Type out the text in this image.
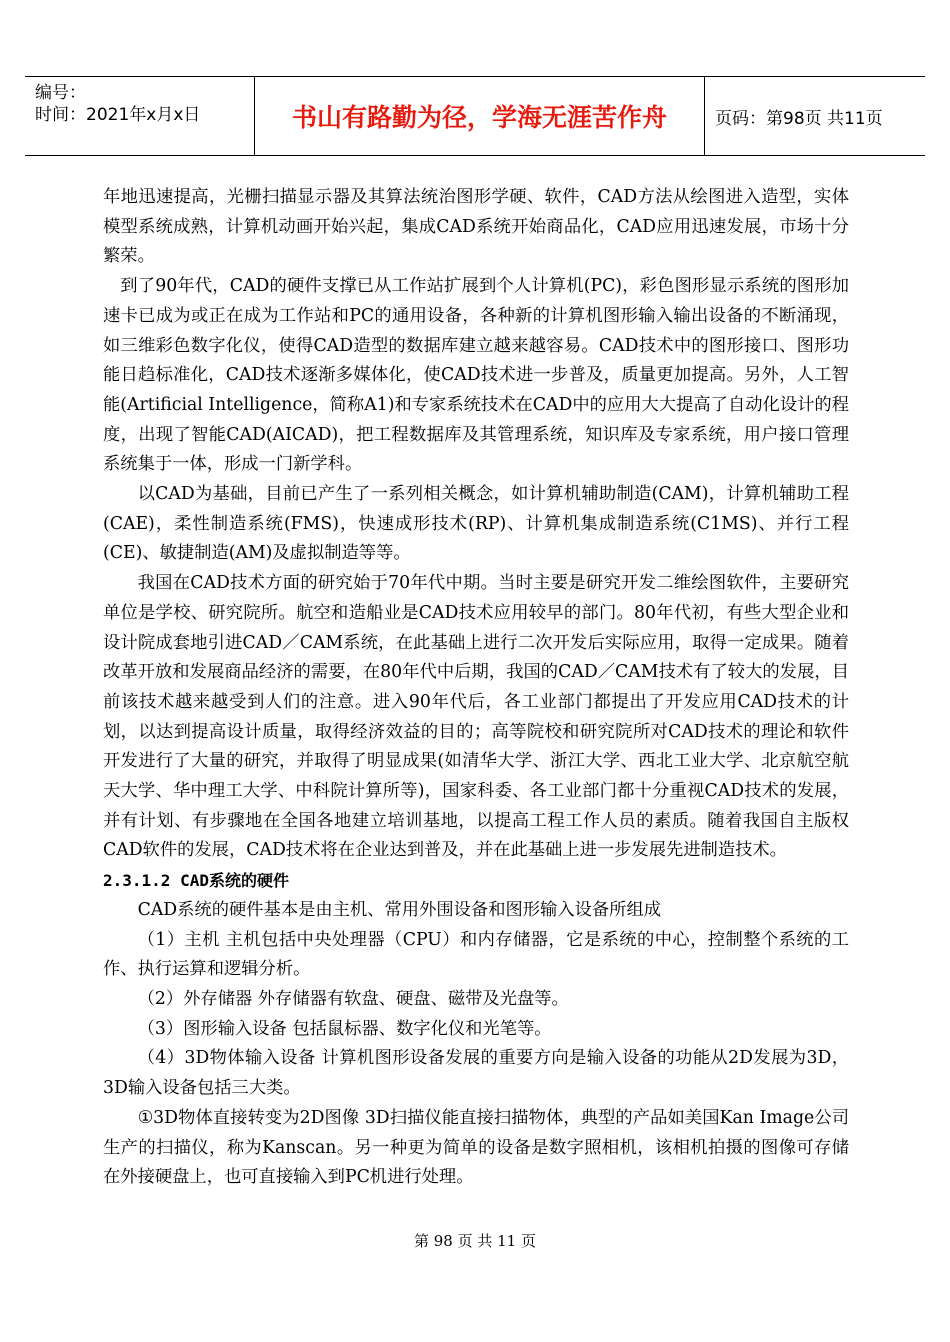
编号：
时间：2021年x月x日	书山有路勤为径，学海无涯苦作舟	页码：第98页 共11页

年地迅速提高，光栅扫描显示器及其算法统治图形学硬、软件，CAD方法从绘图进入造型，实体模型系统成熟，计算机动画开始兴起，集成CAD系统开始商品化，CAD应用迅速发展，市场十分繁荣。

到了90年代，CAD的硬件支撑已从工作站扩展到个人计算机(PC)，彩色图形显示系统的图形加速卡已成为或正在成为工作站和PC的通用设备，各种新的计算机图形输入输出设备的不断涌现，如三维彩色数字化仪，使得CAD造型的数据库建立越来越容易。CAD技术中的图形接口、图形功能日趋标准化，CAD技术逐渐多媒体化，使CAD技术进一步普及，质量更加提高。另外，人工智能(Artificial Intelligence，简称A1)和专家系统技术在CAD中的应用大大提高了自动化设计的程度，出现了智能CAD(AICAD)，把工程数据库及其管理系统，知识库及专家系统，用户接口管理系统集于一体，形成一门新学科。

以CAD为基础，目前已产生了一系列相关概念，如计算机辅助制造(CAM)，计算机辅助工程(CAE)，柔性制造系统(FMS)，快速成形技术(RP)、计算机集成制造系统(C1MS)、并行工程(CE)、敏捷制造(AM)及虚拟制造等等。

我国在CAD技术方面的研究始于70年代中期。当时主要是研究开发二维绘图软件，主要研究单位是学校、研究院所。航空和造船业是CAD技术应用较早的部门。80年代初，有些大型企业和设计院成套地引进CAD／CAM系统，在此基础上进行二次开发后实际应用，取得一定成果。随着改革开放和发展商品经济的需要，在80年代中后期，我国的CAD／CAM技术有了较大的发展，目前该技术越来越受到人们的注意。进入90年代后，各工业部门都提出了开发应用CAD技术的计划，以达到提高设计质量，取得经济效益的目的；高等院校和研究院所对CAD技术的理论和软件开发进行了大量的研究，并取得了明显成果(如清华大学、浙江大学、西北工业大学、北京航空航天大学、华中理工大学、中科院计算所等)，国家科委、各工业部门都十分重视CAD技术的发展，并有计划、有步骤地在全国各地建立培训基地，以提高工程工作人员的素质。随着我国自主版权CAD软件的发展，CAD技术将在企业达到普及，并在此基础上进一步发展先进制造技术。

2.3.1.2 CAD系统的硬件

CAD系统的硬件基本是由主机、常用外围设备和图形输入设备所组成

（1）主机 主机包括中央处理器（CPU）和内存储器，它是系统的中心，控制整个系统的工作、执行运算和逻辑分析。

（2）外存储器 外存储器有软盘、硬盘、磁带及光盘等。

（3）图形输入设备 包括鼠标器、数字化仪和光笔等。

（4）3D物体输入设备 计算机图形设备发展的重要方向是输入设备的功能从2D发展为3D，3D输入设备包括三大类。

①3D物体直接转变为2D图像 3D扫描仪能直接扫描物体，典型的产品如美国Kan Image公司生产的扫描仪，称为Kanscan。另一种更为简单的设备是数字照相机，该相机拍摄的图像可存储在外接硬盘上，也可直接输入到PC机进行处理。

第 98 页 共 11 页
